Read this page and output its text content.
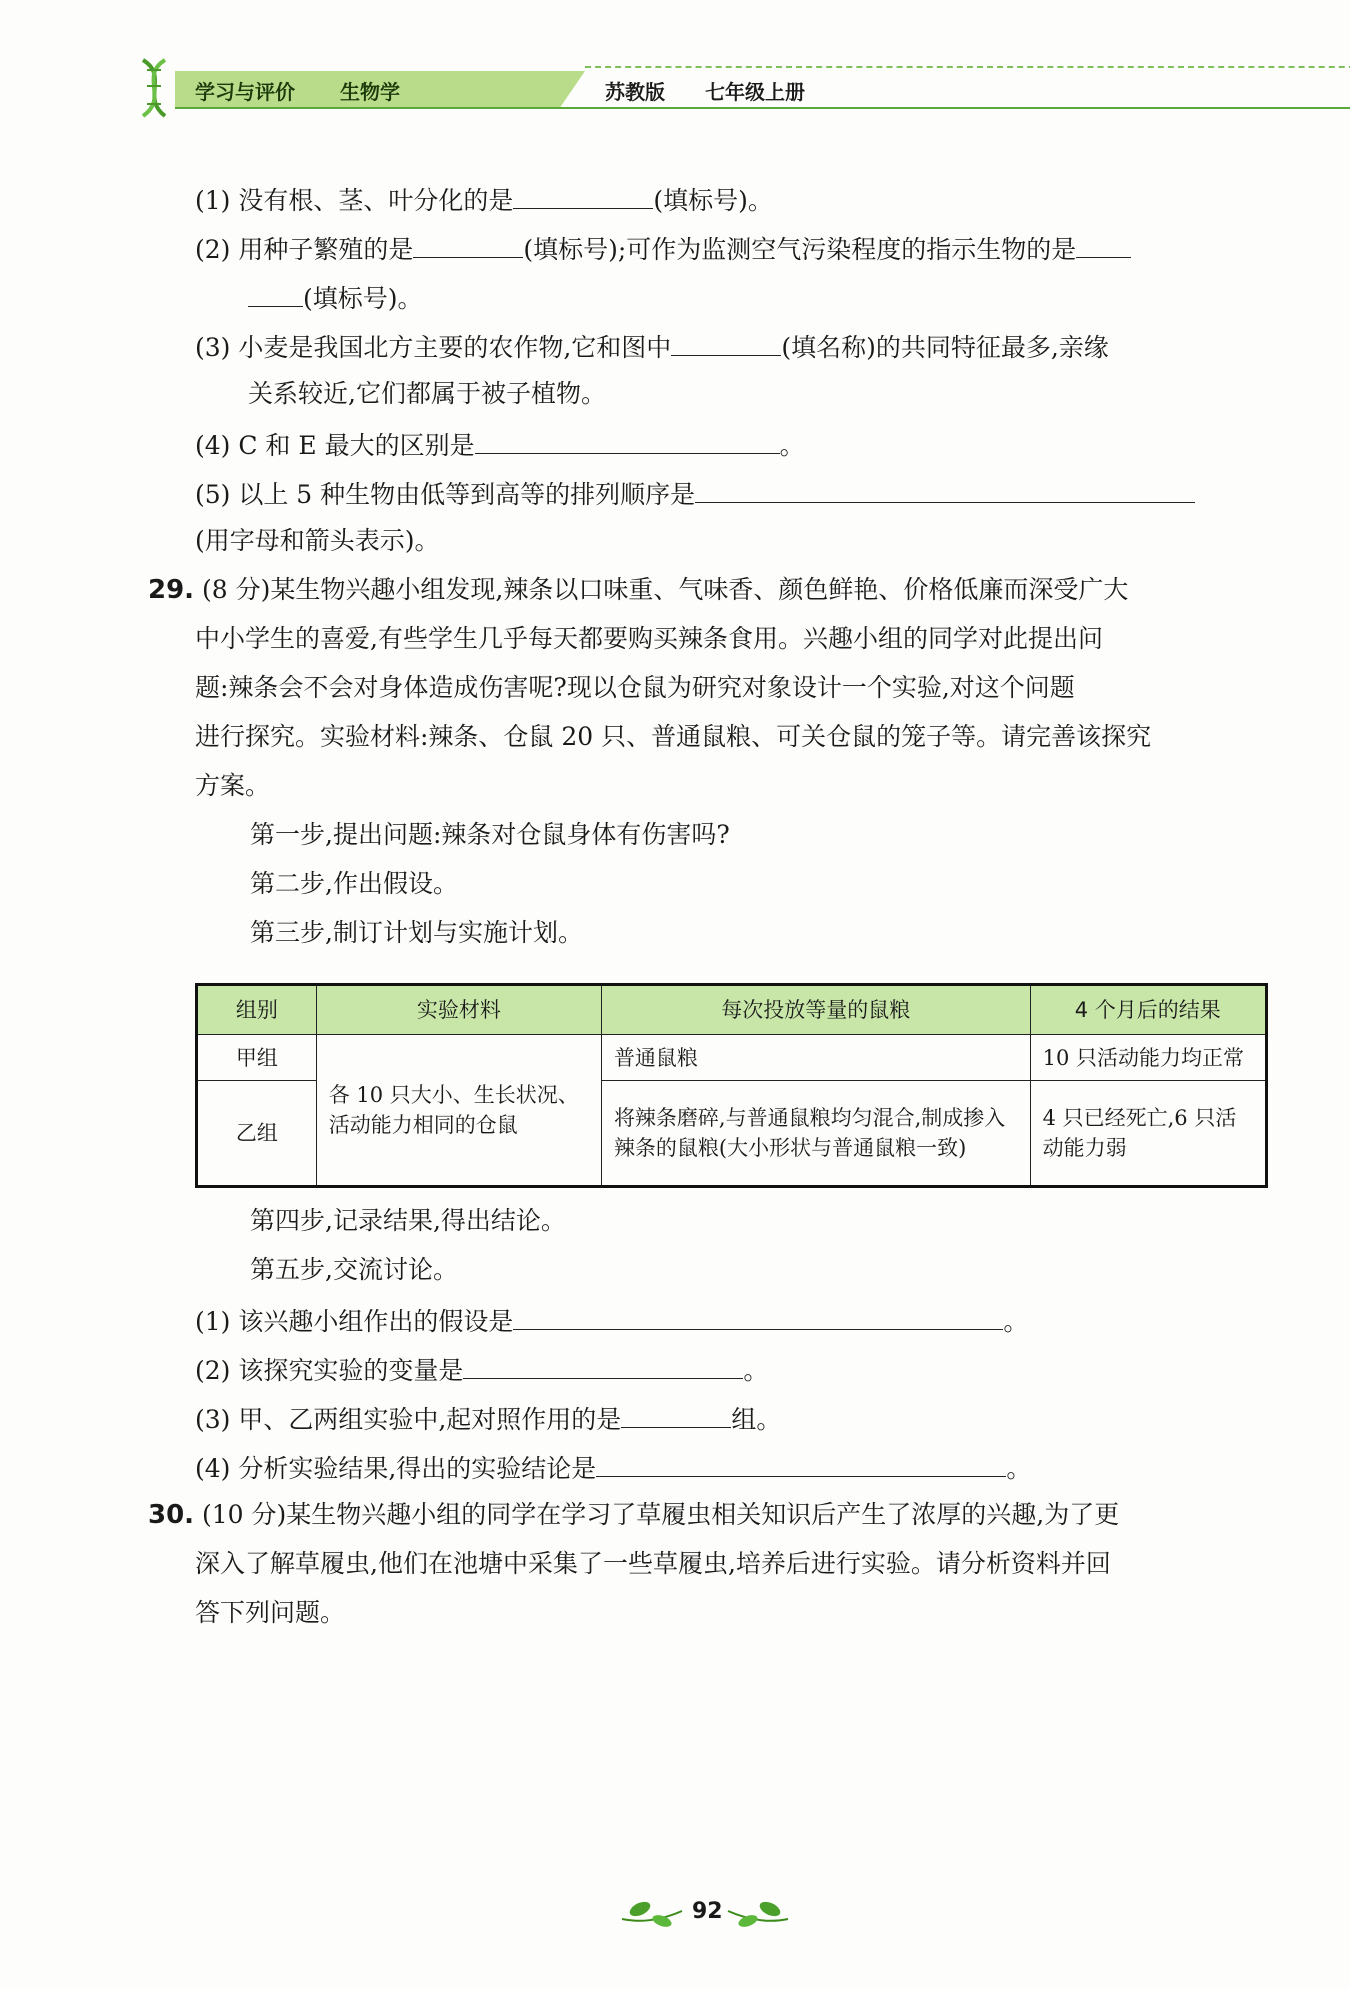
学习与评价 生物学	苏教版 七年级上册
(1) 没有根、茎、叶分化的是	(填标号)。
(2) 用种子繁殖的是	(填标号);可作为监测空气污染程度的指示生物的是
(填标号)。
(3) 小麦是我国北方主要的农作物,它和图中	(填名称)的共同特征最多,亲缘
关系较近,它们都属于被子植物。
(4) C 和 E 最大的区别是	。
(5) 以上 5 种生物由低等到高等的排列顺序是
(用字母和箭头表示)。
29. (8 分)某生物兴趣小组发现,辣条以口味重、气味香、颜色鲜艳、价格低廉而深受广大
中小学生的喜爱,有些学生几乎每天都要购买辣条食用。兴趣小组的同学对此提出问
题:辣条会不会对身体造成伤害呢?现以仓鼠为研究对象设计一个实验,对这个问题
进行探究。实验材料:辣条、仓鼠 20 只、普通鼠粮、可关仓鼠的笼子等。请完善该探究
方案。
第一步,提出问题:辣条对仓鼠身体有伤害吗?
第二步,作出假设。
第三步,制订计划与实施计划。
组别	实验材料	每次投放等量的鼠粮	4 个月后的结果
甲组	各 10 只大小、生长状况、活动能力相同的仓鼠	普通鼠粮	10 只活动能力均正常
乙组		将辣条磨碎,与普通鼠粮均匀混合,制成掺入辣条的鼠粮(大小形状与普通鼠粮一致)	4 只已经死亡,6 只活动能力弱
第四步,记录结果,得出结论。
第五步,交流讨论。
(1) 该兴趣小组作出的假设是	。
(2) 该探究实验的变量是	。
(3) 甲、乙两组实验中,起对照作用的是	组。
(4) 分析实验结果,得出的实验结论是	。
30. (10 分)某生物兴趣小组的同学在学习了草履虫相关知识后产生了浓厚的兴趣,为了更
深入了解草履虫,他们在池塘中采集了一些草履虫,培养后进行实验。请分析资料并回
答下列问题。
92
